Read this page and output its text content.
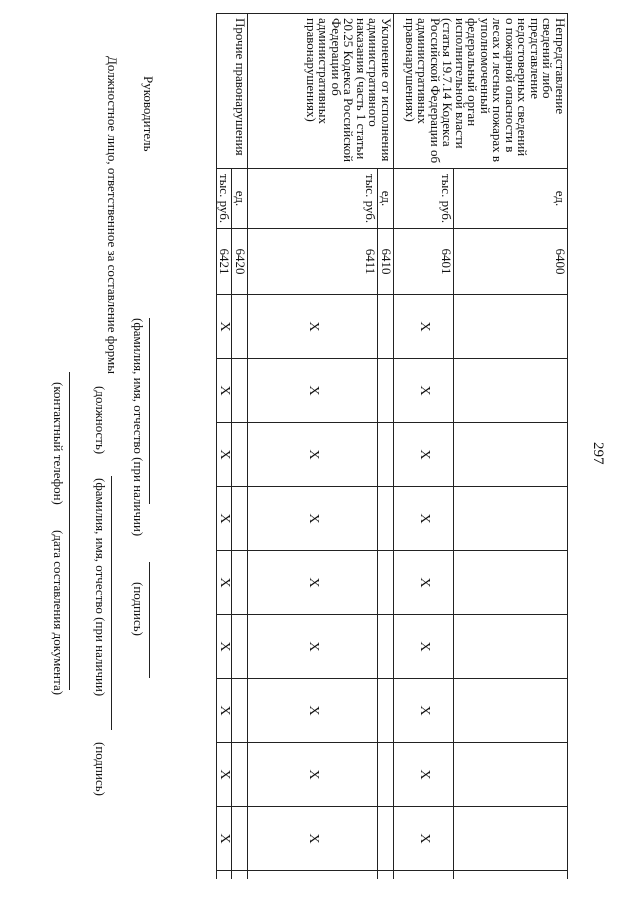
297
Непредставление сведений либо представление недостоверных сведений о пожарной опасности в лесах и лесных пожарах в уполномоченный федеральный орган исполнительной власти (статья 19.7.14 Кодекса Российской Федерации об административных правонарушениях)	ед.	6400										
	тыс. руб.	6401	X	X	X	X	X	X	X	X	X	
Уклонение от исполнения административного наказания (часть 1 статьи 20.25 Кодекса Российской Федерации об административных правонарушениях)	ед.	6410										
	тыс. руб.	6411	X	X	X	X	X	X	X	X	X	
Прочие правонарушения	ед.	6420										
	тыс. руб.	6421	X	X	X	X	X	X	X	X	X	
Руководитель
(фамилия, имя, отчество (при наличии)
(подпись)
Должностное лицо, ответственное за составление формы
(должность)
(фамилия, имя, отчество (при наличии)
(подпись)
(контактный телефон)
(дата составления документа)
